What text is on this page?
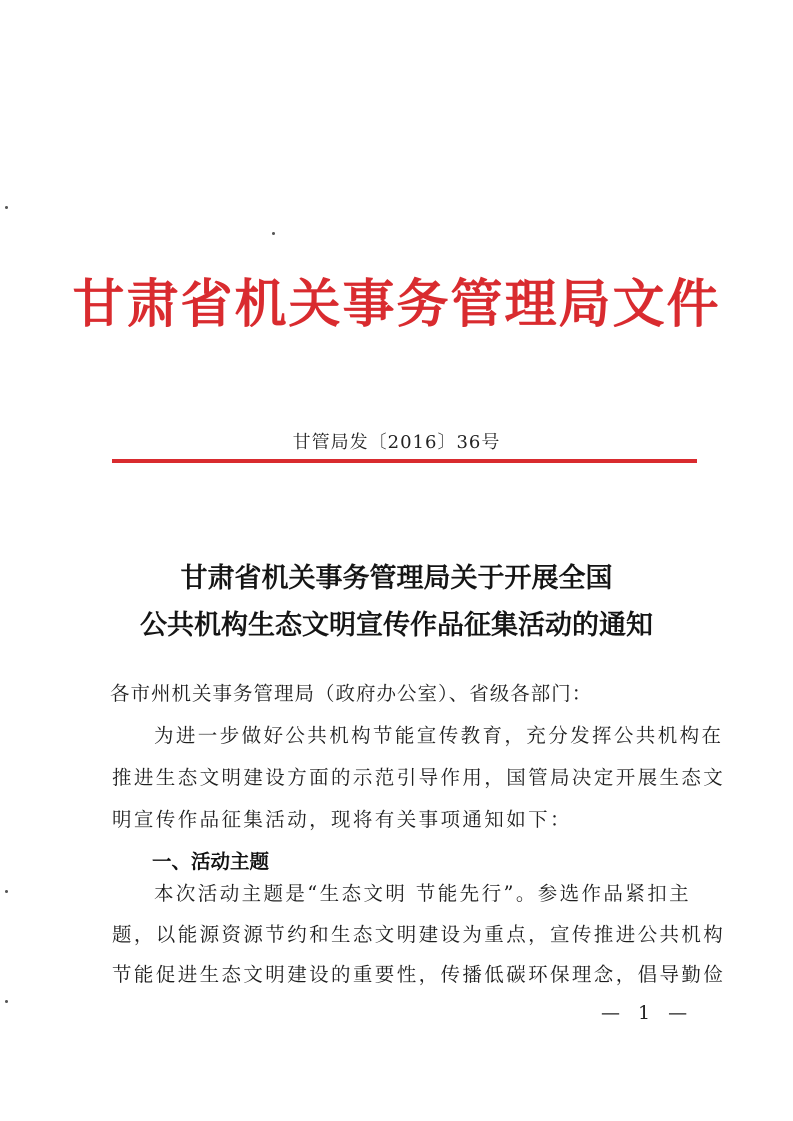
甘肃省机关事务管理局文件
甘管局发〔2016〕36号
甘肃省机关事务管理局关于开展全国
公共机构生态文明宣传作品征集活动的通知
各市州机关事务管理局（政府办公室）、省级各部门：
为进一步做好公共机构节能宣传教育，充分发挥公共机构在
推进生态文明建设方面的示范引导作用，国管局决定开展生态文
明宣传作品征集活动，现将有关事项通知如下：
一、活动主题
本次活动主题是“生态文明 节能先行”。参选作品紧扣主
题，以能源资源节约和生态文明建设为重点，宣传推进公共机构
节能促进生态文明建设的重要性，传播低碳环保理念，倡导勤俭
— 1 —
